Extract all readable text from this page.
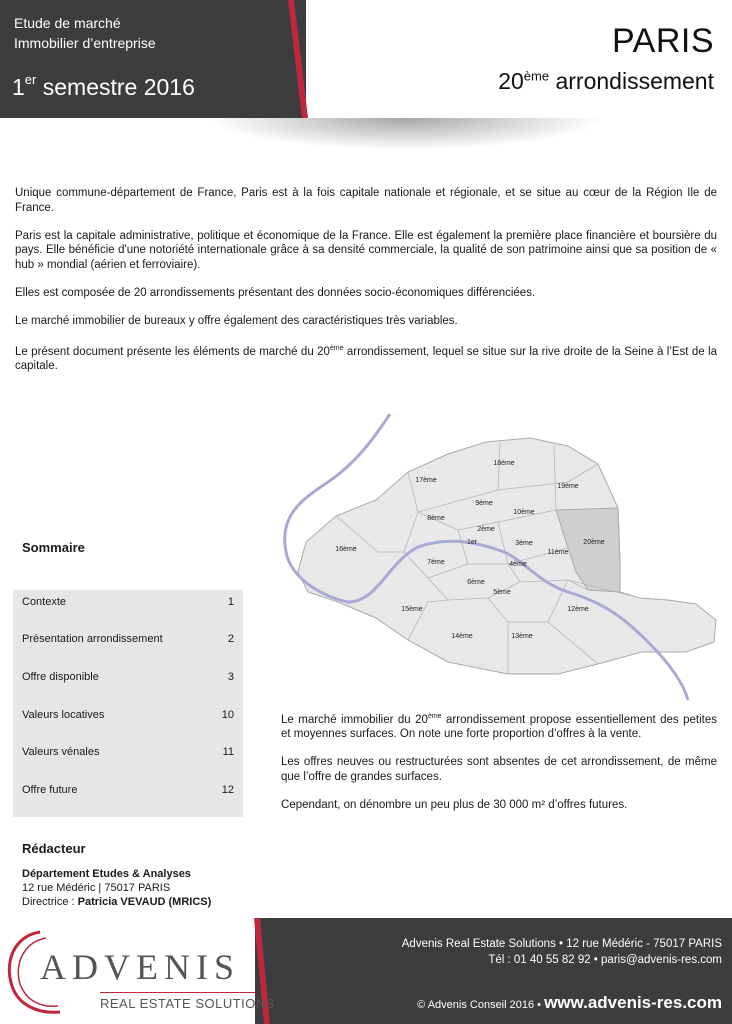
Etude de marché
Immobilier d’entreprise
1er semestre 2016
PARIS
20ème arrondissement

Unique commune-département de France, Paris est à la fois capitale nationale et régionale, et se situe au cœur de la Région Ile de France.

Paris est la capitale administrative, politique et économique de la France. Elle est également la première place financière et boursière du pays. Elle bénéficie d'une notoriété internationale grâce à sa densité commerciale, la qualité de son patrimoine ainsi que sa position de « hub » mondial (aérien et ferroviaire).

Elles est composée de 20 arrondissements présentant des données socio-économiques différenciées.

Le marché immobilier de bureaux y offre également des caractéristiques très variables.

Le présent document présente les éléments de marché du 20ème arrondissement, lequel se situe sur la rive droite de la Seine à l’Est de la capitale.

18ème
17ème
19ème
9ème
10ème
8ème
2ème
20ème
16ème
1er	3ème
11ème
7ème	4ème
6ème
5ème
15ème	12ème
14ème	13ème
Sommaire
Contexte	1
Présentation arrondissement	2
Offre disponible	3
Valeurs locatives	10
Valeurs vénales	11
Offre future	12

Le marché immobilier du 20ème arrondissement propose essentiellement des petites et moyennes surfaces. On note une forte proportion d’offres à la vente.

Les offres neuves ou restructurées sont absentes de cet arrondissement, de même que l’offre de grandes surfaces.

Cependant, on dénombre un peu plus de 30 000 m² d’offres futures.

Rédacteur
Département Etudes & Analyses
12 rue Médéric | 75017 PARIS
Directrice : Patricia VEVAUD (MRICS)
Advenis Real Estate Solutions • 12 rue Médéric - 75017 PARIS
Tél : 01 40 55 82 92 • paris@advenis-res.com
© Advenis Conseil 2016 • www.advenis-res.com
ADVENIS
REAL ESTATE SOLUTIONS
